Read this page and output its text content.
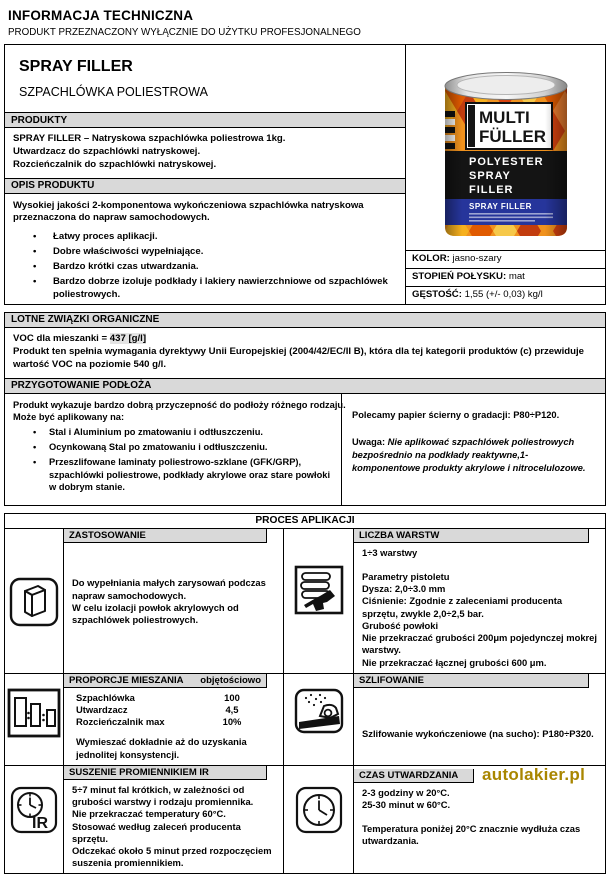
INFORMACJA TECHNICZNA
PRODUKT PRZEZNACZONY WYŁĄCZNIE DO UŻYTKU PROFESJONALNEGO
SPRAY FILLER
SZPACHLÓWKA POLIESTROWA
PRODUKTY
SPRAY FILLER – Natryskowa szpachlówka poliestrowa 1kg.
Utwardzacz do szpachlówki natryskowej.
Rozcieńczalnik do szpachlówki natryskowej.
OPIS PRODUKTU
Wysokiej jakości 2-komponentowa wykończeniowa szpachlówka natryskowa przeznaczona do napraw samochodowych.
• Łatwy proces aplikacji.
• Dobre właściwości wypełniające.
• Bardzo krótki czas utwardzania.
• Bardzo dobrze izoluje podkłady i lakiery nawierzchniowe od szpachlówek poliestrowych.
KOLOR: jasno-szary
STOPIEŃ POŁYSKU: mat
GĘSTOŚĆ: 1,55 (+/- 0,03) kg/l
LOTNE ZWIĄZKI ORGANICZNE
VOC dla mieszanki = 437 [g/l]
Produkt ten spełnia wymagania dyrektywy Unii Europejskiej (2004/42/EC/II B), która dla tej kategorii produktów (c) przewiduje wartość VOC na poziomie 540 g/l.
PRZYGOTOWANIE PODŁOŻA
Produkt wykazuje bardzo dobrą przyczepność do podłoży różnego rodzaju.
Może być aplikowany na:
• Stal i Aluminium po zmatowaniu i odtłuszczeniu.
• Ocynkowaną Stal po zmatowaniu i odtłuszczeniu.
• Przeszlifowane laminaty poliestrowo-szklane (GFK/GRP), szpachlówki poliestrowe, podkłady akrylowe oraz stare powłoki w dobrym stanie.
Polecamy papier ścierny o gradacji: P80÷P120.
Uwaga: Nie aplikować szpachlówek poliestrowych bezpośrednio na podkłady reaktywne,1-komponentowe produkty akrylowe i nitrocelulozowe.
PROCES APLIKACJI
ZASTOSOWANIE
Do wypełniania małych zarysowań podczas napraw samochodowych.
W celu izolacji powłok akrylowych od szpachlówek poliestrowych.
LICZBA WARSTW
1÷3 warstwy
Parametry pistoletu
Dysza: 2,0÷3.0 mm
Ciśnienie: Zgodnie z zaleceniami producenta sprzętu, zwykle 2,0÷2,5 bar.
Grubość powłoki
Nie przekraczać grubości 200μm pojedynczej mokrej warstwy.
Nie przekraczać łącznej grubości 600 μm.
PROPORCJE MIESZANIA objętościowo
Szpachlówka	100
Utwardzacz	4,5
Rozcieńczalnik max	10%
Wymieszać dokładnie aż do uzyskania jednolitej konsystencji.
SZLIFOWANIE
Szlifowanie wykończeniowe (na sucho): P180÷P320.
IR
SUSZENIE PROMIENNIKIEM IR
5÷7 minut fal krótkich, w zależności od grubości warstwy i rodzaju promiennika.
Nie przekraczać temperatury 60°C.
Stosować według zaleceń producenta sprzętu.
Odczekać około 5 minut przed rozpoczęciem suszenia promiennikiem.
CZAS UTWARDZANIA	autolakier.pl
2-3 godziny w 20°C.
25-30 minut w 60°C.
Temperatura poniżej 20°C znacznie wydłuża czas utwardzania.
